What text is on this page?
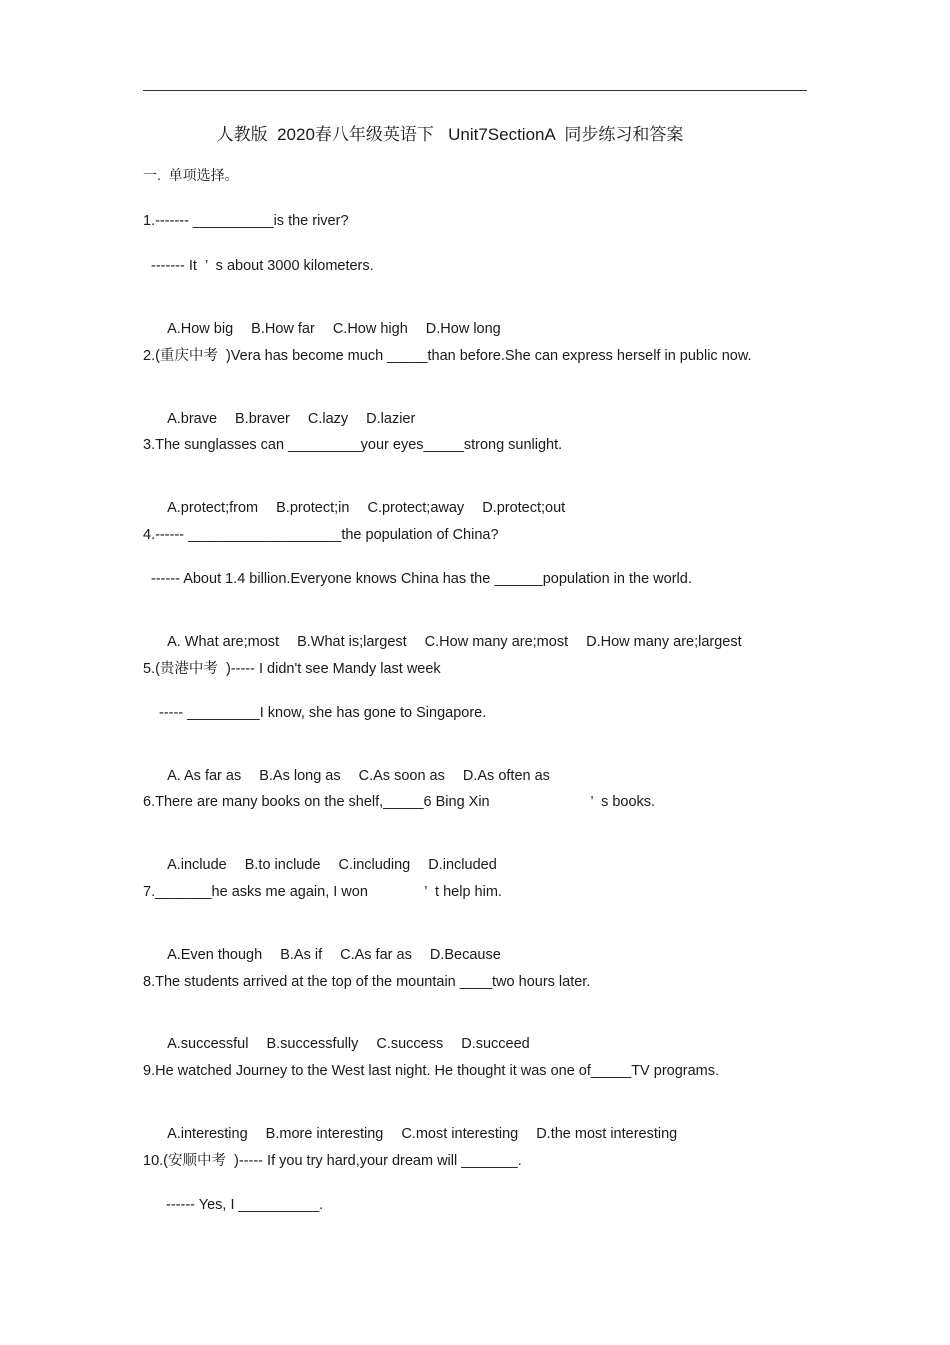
人教版  2020春八年级英语下   Unit7SectionA  同步练习和答案
一.  单项选择。
1.------- __________is the river?
------- It  ’  s about 3000 kilometers.

A.How big B.How far C.How high D.How long

2.(重庆中考  )Vera has become much _____than before.She can express herself in public now.

A.brave B.braver C.lazy D.lazier

3.The sunglasses can _________your eyes_____strong sunlight.

A.protect;from B.protect;in C.protect;away D.protect;out

4.------ ___________________the population of China?
------ About 1.4 billion.Everyone knows China has the ______population in the world.

A. What are;most B.What is;largest C.How many are;most D.How many are;largest

5.(贵港中考  )----- I didn't see Mandy last week
----- _________I know, she has gone to Singapore.

A. As far as B.As long as C.As soon as D.As often as

6.There are many books on the shelf,_____6 Bing Xin                         ’  s books.

A.include B.to include C.including D.included

7._______he asks me again, I won              ’  t help him.

A.Even though B.As if C.As far as D.Because

8.The students arrived at the top of the mountain ____two hours later.

A.successful B.successfully C.success D.succeed

9.He watched Journey to the West last night. He thought it was one of_____TV programs.

A.interesting B.more interesting C.most interesting D.the most interesting

10.(安顺中考  )----- If you try hard,your dream will _______.
------ Yes, I __________.
